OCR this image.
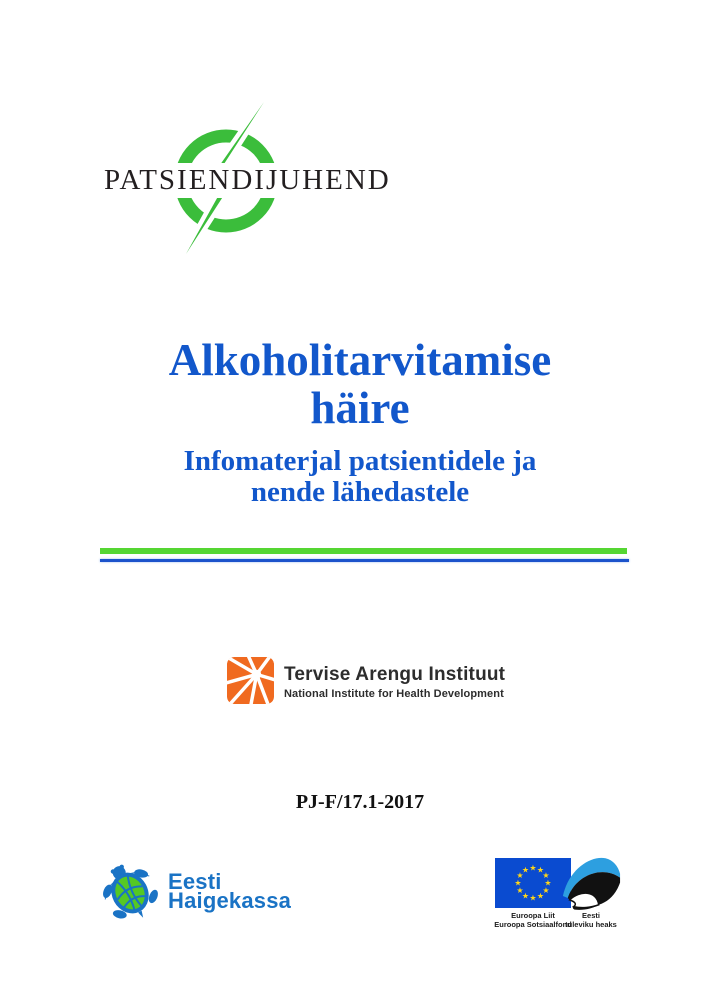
PATSIENDIJUHEND
Alkoholitarvitamise
häire
Infomaterjal patsientidele ja
nende lähedastele
Tervise Arengu Instituut
National Institute for Health Development
PJ-F/17.1-2017
Eesti
Haigekassa
★ ★
★
★
★
★
★
★
★
★
★
★
Euroopa Liit
Euroopa Sotsiaalfond
Eesti
tuleviku heaks
